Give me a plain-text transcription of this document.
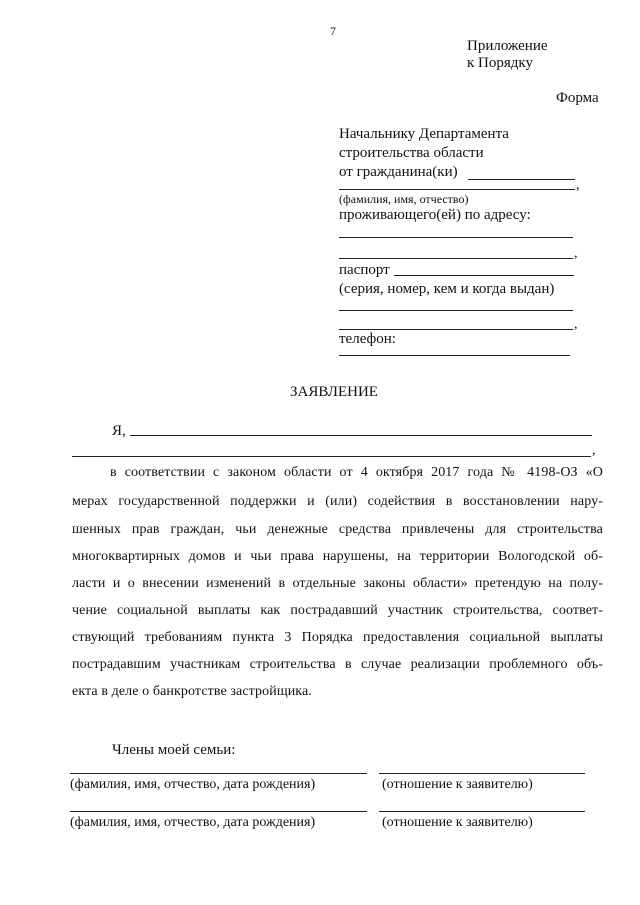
7
Приложение
к Порядку
Форма
Начальнику Департамента
строительства области
от гражданина(ки)
,
(фамилия, имя, отчество)
проживающего(ей) по адресу:
,
паспорт
(серия, номер, кем и когда выдан)
,
телефон:
ЗАЯВЛЕНИЕ
Я,
,
в соответствии с законом области от 4 октября 2017 года № 4198-ОЗ «О
мерах государственной поддержки и (или) содействия в восстановлении нару-
шенных прав граждан, чьи денежные средства привлечены для строительства
многоквартирных домов и чьи права нарушены, на территории Вологодской об-
ласти и о внесении изменений в отдельные законы области» претендую на полу-
чение социальной выплаты как пострадавший участник строительства, соответ-
ствующий требованиям пункта 3 Порядка предоставления социальной выплаты
пострадавшим участникам строительства в случае реализации проблемного объ-
екта в деле о банкротстве застройщика.
Члены моей семьи:
(фамилия, имя, отчество, дата рождения)	(отношение к заявителю)
(фамилия, имя, отчество, дата рождения)	(отношение к заявителю)
